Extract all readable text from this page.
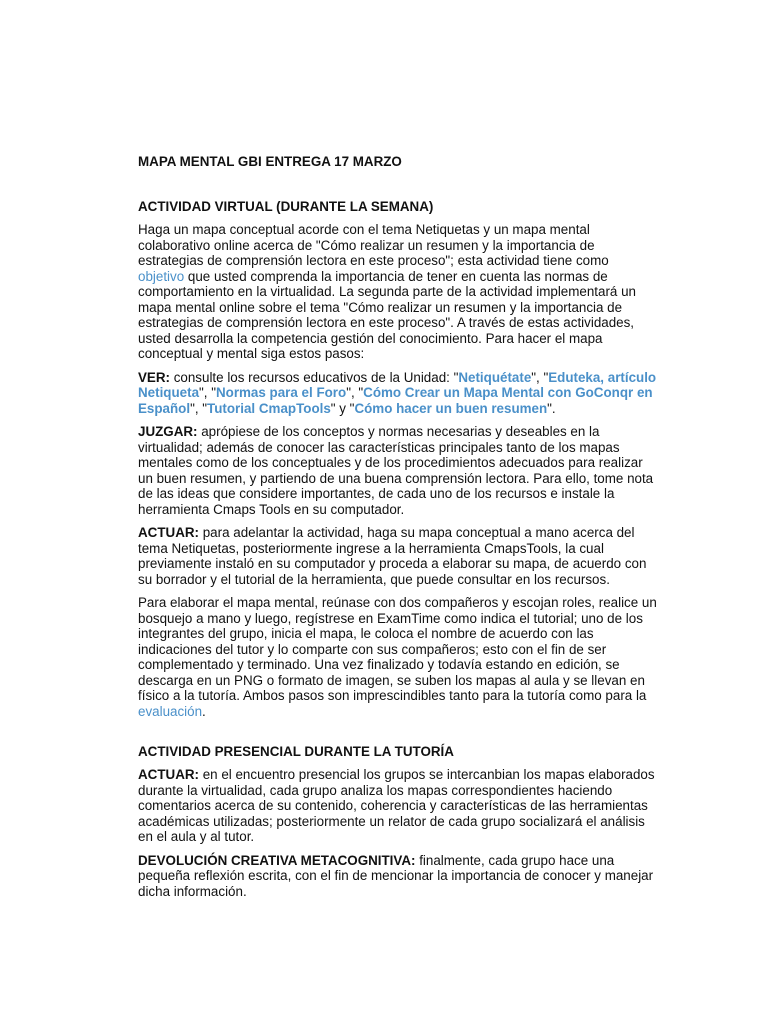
MAPA MENTAL GBI ENTREGA 17 MARZO
ACTIVIDAD VIRTUAL (DURANTE LA SEMANA)

Haga un mapa conceptual acorde con el tema Netiquetas y un mapa mental colaborativo online acerca de "Cómo realizar un resumen y la importancia de estrategias de comprensión lectora en este proceso"; esta actividad tiene como objetivo que usted comprenda la importancia de tener en cuenta las normas de comportamiento en la virtualidad. La segunda parte de la actividad implementará un mapa mental online sobre el tema "Cómo realizar un resumen y la importancia de estrategias de comprensión lectora en este proceso". A través de estas actividades, usted desarrolla la competencia gestión del conocimiento. Para hacer el mapa conceptual y mental siga estos pasos:

VER: consulte los recursos educativos de la Unidad: "Netiquétate", "Eduteka, artículo Netiqueta", "Normas para el Foro", "Cómo Crear un Mapa Mental con GoConqr en Español", "Tutorial CmapTools" y "Cómo hacer un buen resumen".

JUZGAR: aprópiese de los conceptos y normas necesarias y deseables en la virtualidad; además de conocer las características principales tanto de los mapas mentales como de los conceptuales y de los procedimientos adecuados para realizar un buen resumen, y partiendo de una buena comprensión lectora. Para ello, tome nota de las ideas que considere importantes, de cada uno de los recursos e instale la herramienta Cmaps Tools en su computador.

ACTUAR: para adelantar la actividad, haga su mapa conceptual a mano acerca del tema Netiquetas, posteriormente ingrese a la herramienta CmapsTools, la cual previamente instaló en su computador y proceda a elaborar su mapa, de acuerdo con su borrador y el tutorial de la herramienta, que puede consultar en los recursos.

Para elaborar el mapa mental, reúnase con dos compañeros y escojan roles, realice un bosquejo a mano y luego, regístrese en ExamTime como indica el tutorial; uno de los integrantes del grupo, inicia el mapa, le coloca el nombre de acuerdo con las indicaciones del tutor y lo comparte con sus compañeros; esto con el fin de ser complementado y terminado. Una vez finalizado y todavía estando en edición, se descarga en un PNG o formato de imagen, se suben los mapas al aula y se llevan en físico a la tutoría. Ambos pasos son imprescindibles tanto para la tutoría como para la evaluación.

ACTIVIDAD PRESENCIAL DURANTE LA TUTORÍA

ACTUAR: en el encuentro presencial los grupos se intercanbian los mapas elaborados durante la virtualidad, cada grupo analiza los mapas correspondientes haciendo comentarios acerca de su contenido, coherencia y características de las herramientas académicas utilizadas; posteriormente un relator de cada grupo socializará el análisis en el aula y al tutor.

DEVOLUCIÓN CREATIVA METACOGNITIVA: finalmente, cada grupo hace una pequeña reflexión escrita, con el fin de mencionar la importancia de conocer y manejar dicha información.
